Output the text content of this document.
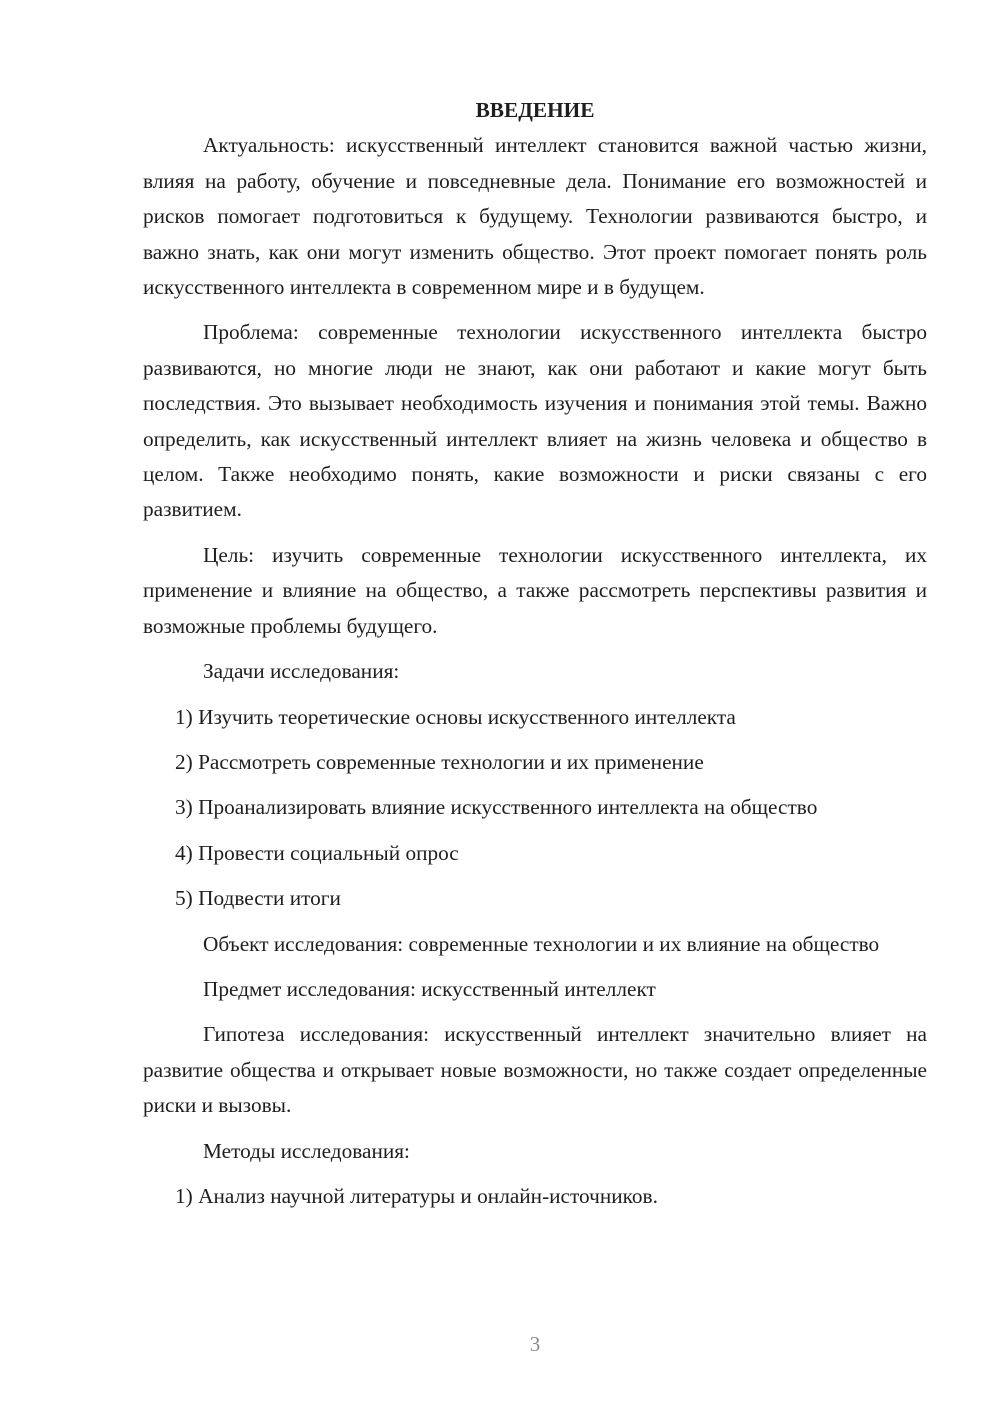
ВВЕДЕНИЕ

Актуальность: искусственный интеллект становится важной частью жизни, влияя на работу, обучение и повседневные дела. Понимание его возможностей и рисков помогает подготовиться к будущему. Технологии развиваются быстро, и важно знать, как они могут изменить общество. Этот проект помогает понять роль искусственного интеллекта в современном мире и в будущем.

Проблема: современные технологии искусственного интеллекта быстро развиваются, но многие люди не знают, как они работают и какие могут быть последствия. Это вызывает необходимость изучения и понимания этой темы. Важно определить, как искусственный интеллект влияет на жизнь человека и общество в целом. Также необходимо понять, какие возможности и риски связаны с его развитием.

Цель: изучить современные технологии искусственного интеллекта, их применение и влияние на общество, а также рассмотреть перспективы развития и возможные проблемы будущего.

Задачи исследования:

1) Изучить теоретические основы искусственного интеллекта

2) Рассмотреть современные технологии и их применение

3) Проанализировать влияние искусственного интеллекта на общество

4) Провести социальный опрос

5) Подвести итоги

Объект исследования: современные технологии и их влияние на общество

Предмет исследования: искусственный интеллект

Гипотеза исследования: искусственный интеллект значительно влияет на развитие общества и открывает новые возможности, но также создает определенные риски и вызовы.

Методы исследования:

1) Анализ научной литературы и онлайн-источников.

3
